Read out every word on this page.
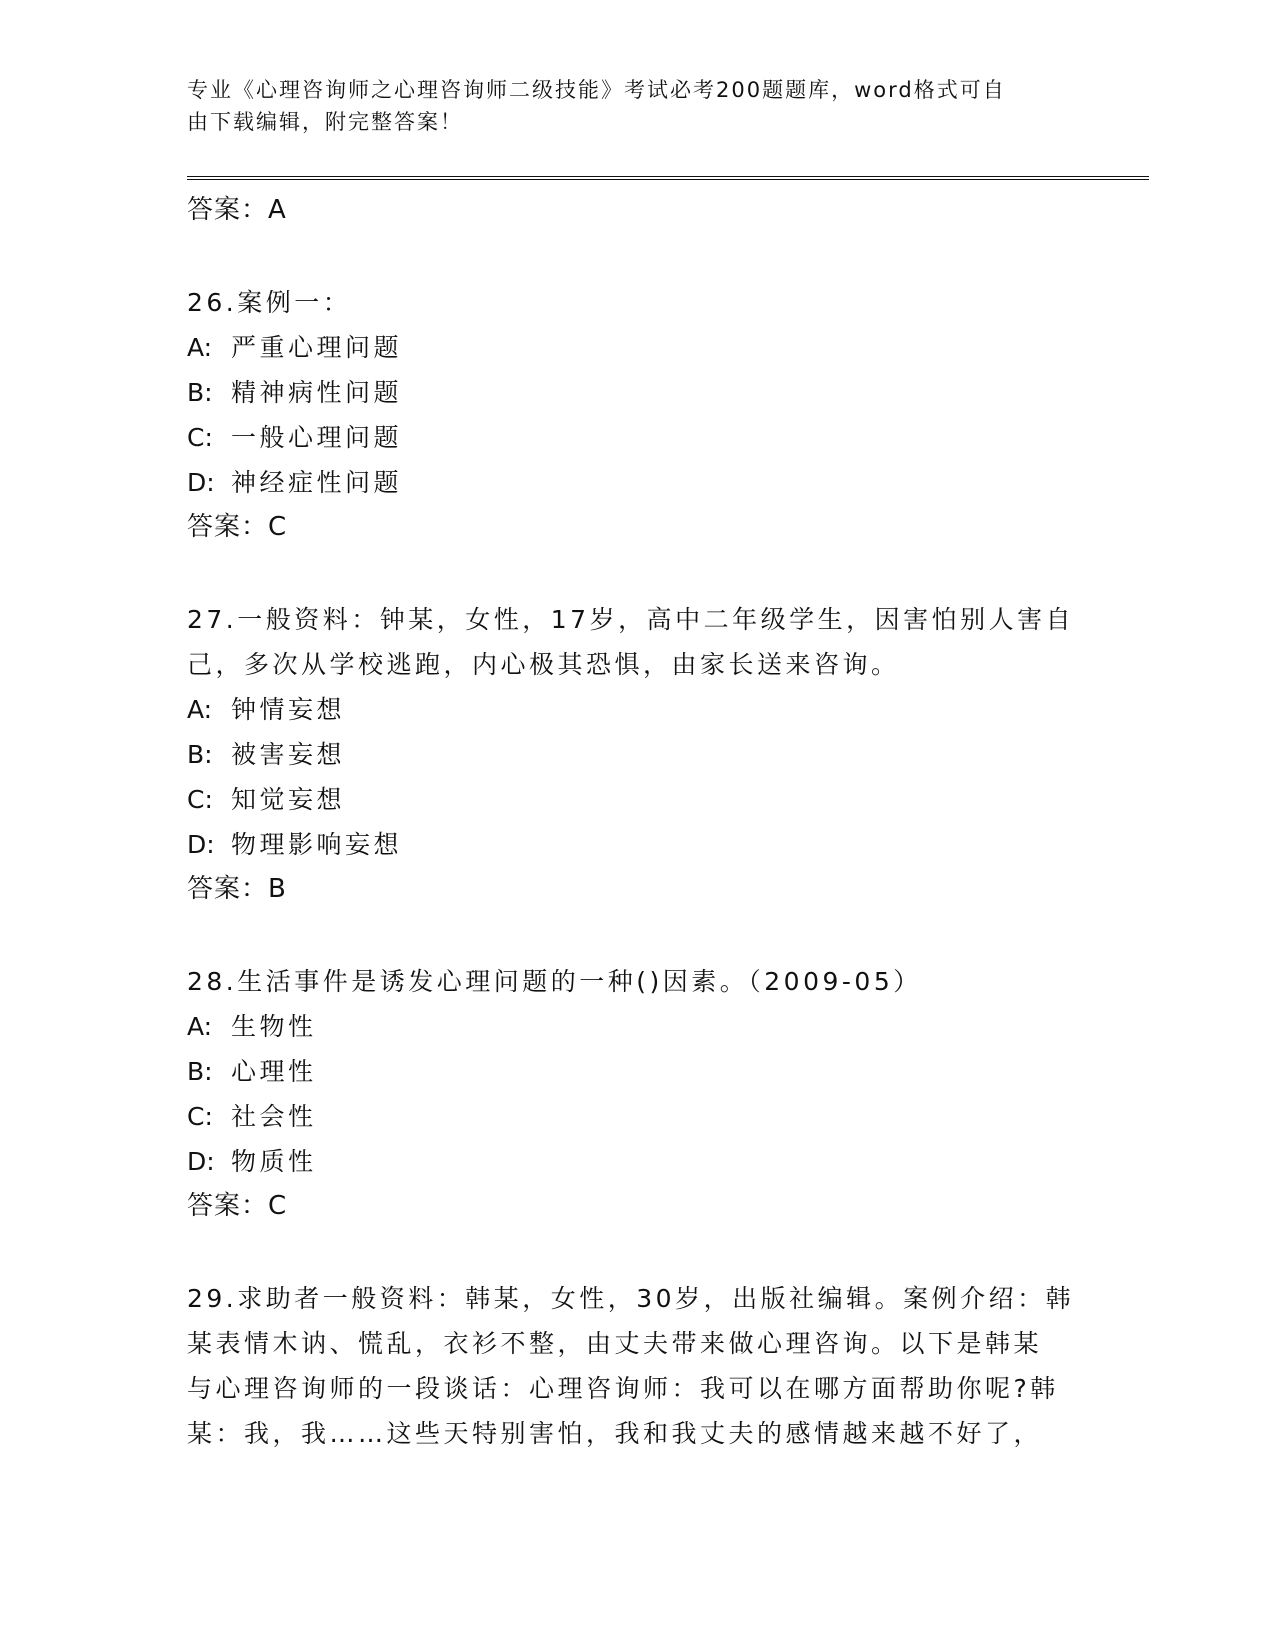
专业《心理咨询师之心理咨询师二级技能》考试必考200题题库，word格式可自
由下载编辑，附完整答案！
答案：A
26.案例一：
A: 严重心理问题
B: 精神病性问题
C: 一般心理问题
D: 神经症性问题
答案：C
27.一般资料：钟某，女性，17岁，高中二年级学生，因害怕别人害自
己，多次从学校逃跑，内心极其恐惧，由家长送来咨询。
A: 钟情妄想
B: 被害妄想
C: 知觉妄想
D: 物理影响妄想
答案：B
28.生活事件是诱发心理问题的一种()因素。（2009-05）
A: 生物性
B: 心理性
C: 社会性
D: 物质性
答案：C
29.求助者一般资料：韩某，女性，30岁，出版社编辑。案例介绍：韩
某表情木讷、慌乱，衣衫不整，由丈夫带来做心理咨询。以下是韩某
与心理咨询师的一段谈话：心理咨询师：我可以在哪方面帮助你呢?韩
某：我，我……这些天特别害怕，我和我丈夫的感情越来越不好了，
